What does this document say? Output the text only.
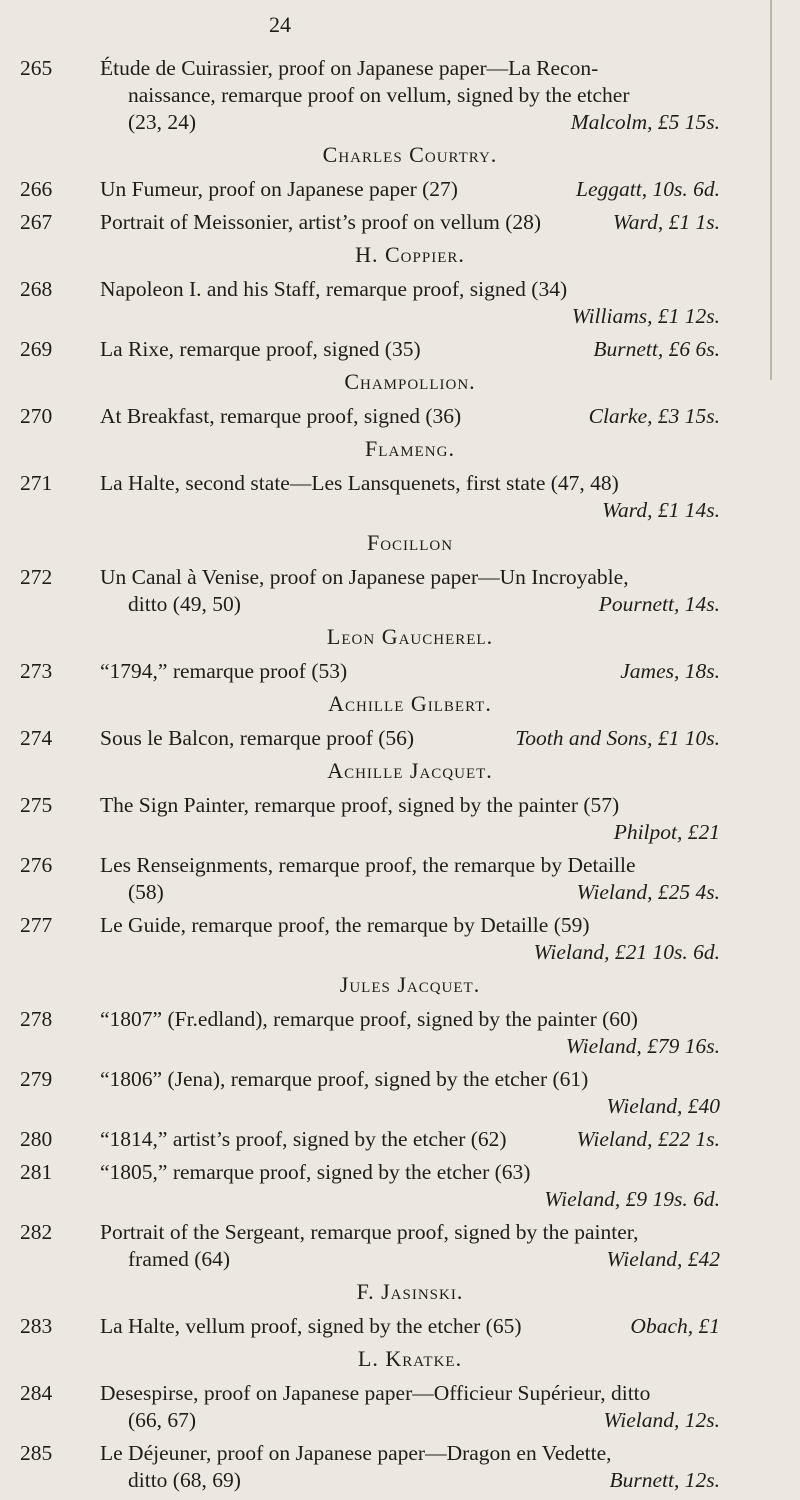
24
265	Étude de Cuirassier, proof on Japanese paper—La Recon-
naissance, remarque proof on vellum, signed by the etcher
(23, 24)	Malcolm, £5 15s.
Charles Courtry.
266	Un Fumeur, proof on Japanese paper (27)	Leggatt, 10s. 6d.
267	Portrait of Meissonier, artist’s proof on vellum (28)	Ward, £1 1s.
H. Coppier.
268	Napoleon I. and his Staff, remarque proof, signed (34)
Williams, £1 12s.
269	La Rixe, remarque proof, signed (35)	Burnett, £6 6s.
Champollion.
270	At Breakfast, remarque proof, signed (36)	Clarke, £3 15s.
Flameng.
271	La Halte, second state—Les Lansquenets, first state (47, 48)
Ward, £1 14s.
Focillon
272	Un Canal à Venise, proof on Japanese paper—Un Incroyable,
ditto (49, 50)	Pournett, 14s.
Leon Gaucherel.
273	“1794,” remarque proof (53)	James, 18s.
Achille Gilbert.
274	Sous le Balcon, remarque proof (56)	Tooth and Sons, £1 10s.
Achille Jacquet.
275	The Sign Painter, remarque proof, signed by the painter (57)
Philpot, £21
276	Les Renseignments, remarque proof, the remarque by Detaille
(58)	Wieland, £25 4s.
277	Le Guide, remarque proof, the remarque by Detaille (59)
Wieland, £21 10s. 6d.
Jules Jacquet.
278	“1807” (Fr.edland), remarque proof, signed by the painter (60)
Wieland, £79 16s.
279	“1806” (Jena), remarque proof, signed by the etcher (61)
Wieland, £40
280	“1814,” artist’s proof, signed by the etcher (62)	Wieland, £22 1s.
281	“1805,” remarque proof, signed by the etcher (63)
Wieland, £9 19s. 6d.
282	Portrait of the Sergeant, remarque proof, signed by the painter,
framed (64)	Wieland, £42
F. Jasinski.
283	La Halte, vellum proof, signed by the etcher (65)	Obach, £1
L. Kratke.
284	Desespirse, proof on Japanese paper—Officieur Supérieur, ditto
(66, 67)	Wieland, 12s.
285	Le Déjeuner, proof on Japanese paper—Dragon en Vedette,
ditto (68, 69)	Burnett, 12s.
